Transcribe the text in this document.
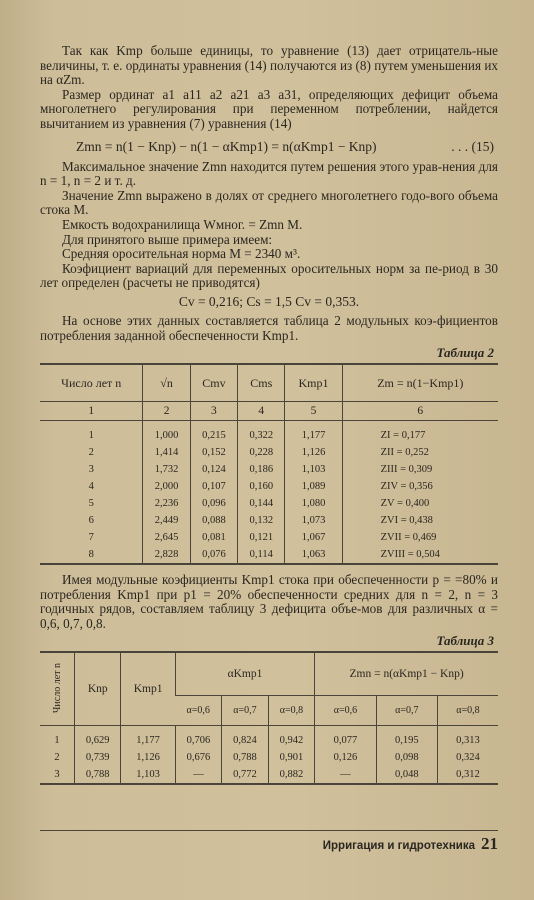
Так как Kmp больше единицы, то уравнение (13) дает отрицатель-ные величины, т. е. ординаты уравнения (14) получаются из (8) путем уменьшения их на αZm.

Размер ординат a1 a11 a2 a21 a3 a31, определяющих дефицит объема многолетнего регулирования при переменном потреблении, найдется вычитанием из уравнения (7) уравнения (14)

Zmn = n(1 − Knp) − n(1 − αKmp1) = n(αKmp1 − Knp)	. . . (15)

Максимальное значение Zmn находится путем решения этого урав-нения для n = 1, n = 2 и т. д.

Значение Zmn выражено в долях от среднего многолетнего годо-вого объема стока M.

Емкость водохранилища Wмног. = Zmn M.

Для принятого выше примера имеем:

Средняя оросительная норма M = 2340 м³.

Коэфициент вариаций для переменных оросительных норм за пе-риод в 30 лет определен (расчеты не приводятся)

Cv = 0,216; Cs = 1,5 Cv = 0,353.

На основе этих данных составляется таблица 2 модульных коэ-фициентов потребления заданной обеспеченности Kmp1.

Таблица 2
Число лет n	√n	Cmv	Cms	Kmp1	Zm = n(1−Kmp1)
1	2	3	4	5	6
1	1,000	0,215	0,322	1,177	ZI = 0,177
2	1,414	0,152	0,228	1,126	ZII = 0,252
3	1,732	0,124	0,186	1,103	ZIII = 0,309
4	2,000	0,107	0,160	1,089	ZIV = 0,356
5	2,236	0,096	0,144	1,080	ZV = 0,400
6	2,449	0,088	0,132	1,073	ZVI = 0,438
7	2,645	0,081	0,121	1,067	ZVII = 0,469
8	2,828	0,076	0,114	1,063	ZVIII = 0,504

Имея модульные коэфициенты Kmp1 стока при обеспеченности p = =80% и потребления Kmp1 при p1 = 20% обеспеченности средних для n = 2, n = 3 годичных рядов, составляем таблицу 3 дефицита объе-мов для различных α = 0,6, 0,7, 0,8.

Таблица 3
Число лет n	Knp	Kmp1	αKmp1			Zmn = n(αKmp1 − Knp)		
			α=0,6	α=0,7	α=0,8	α=0,6	α=0,7	α=0,8
1	0,629	1,177	0,706	0,824	0,942	0,077	0,195	0,313
2	0,739	1,126	0,676	0,788	0,901	0,126	0,098	0,324
3	0,788	1,103	—	0,772	0,882	—	0,048	0,312
Ирригация и гидротехника 21
